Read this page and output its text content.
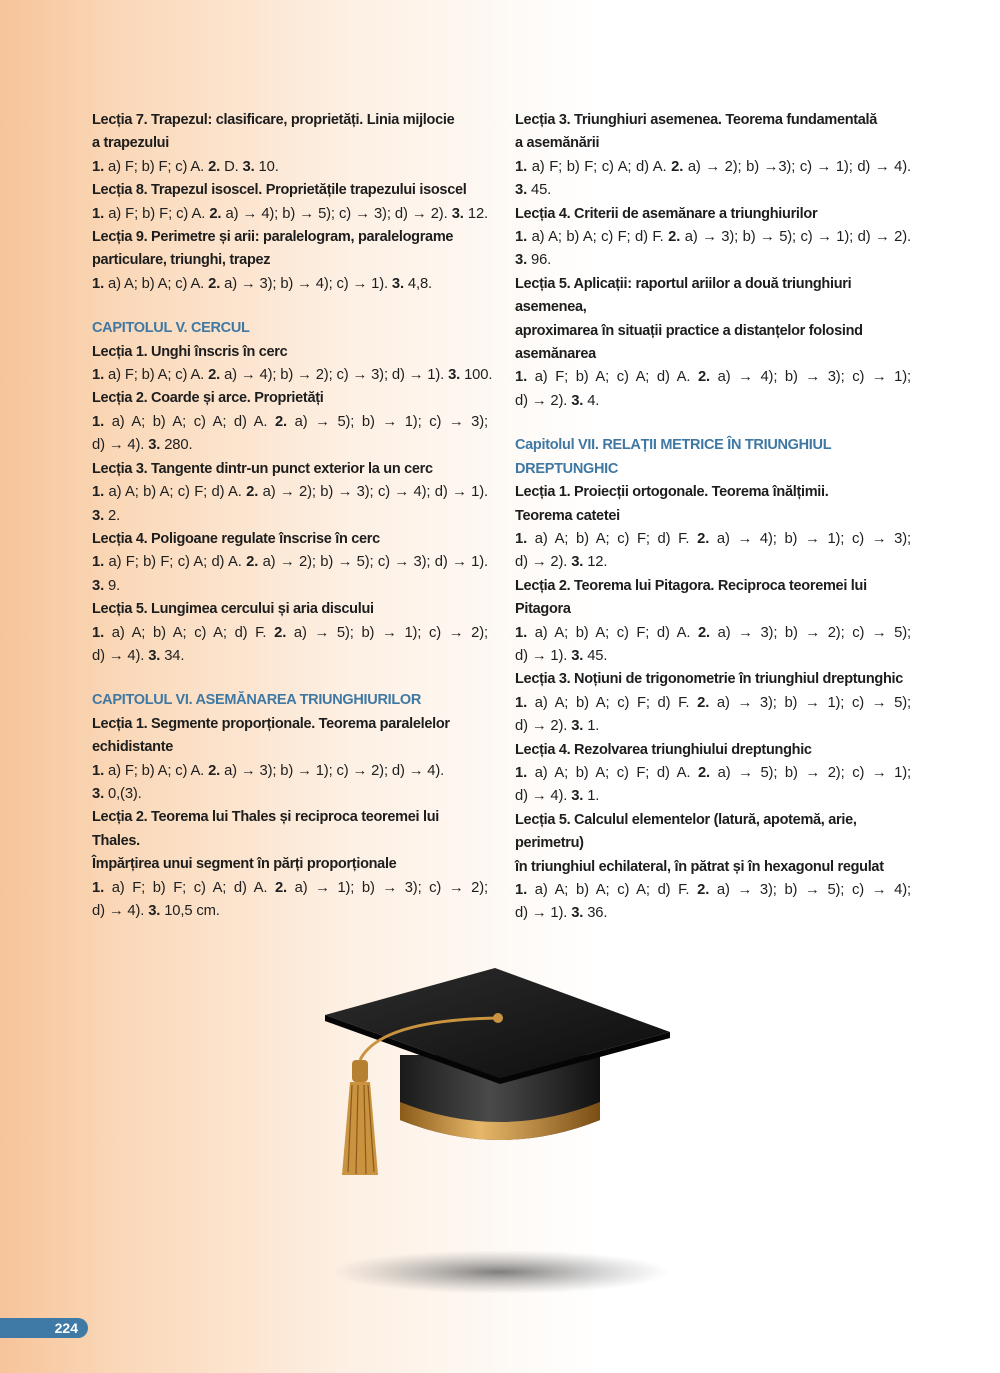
Lecția 7. Trapezul: clasificare, proprietăți. Linia mijlocie
a trapezului
1. a) F; b) F; c) A. 2. D. 3. 10.
Lecția 8. Trapezul isoscel. Proprietățile trapezului isoscel
1. a) F; b) F; c) A. 2. a) → 4); b) → 5); c) → 3); d) → 2). 3. 12.
Lecția 9. Perimetre și arii: paralelogram, paralelograme
particulare, triunghi, trapez
1. a) A; b) A; c) A. 2. a) → 3); b) → 4); c) → 1). 3. 4,8.
CAPITOLUL V. CERCUL
Lecția 1. Unghi înscris în cerc
1. a) F; b) A; c) A. 2. a) → 4); b) → 2); c) → 3); d) → 1). 3. 100.
Lecția 2. Coarde și arce. Proprietăți
1. a) A; b) A; c) A; d) A. 2. a) → 5); b) → 1); c) → 3);
d) → 4). 3. 280.
Lecția 3. Tangente dintr-un punct exterior la un cerc
1. a) A; b) A; c) F; d) A. 2. a) → 2); b) → 3); c) → 4); d) → 1).
3. 2.
Lecția 4. Poligoane regulate înscrise în cerc
1. a) F; b) F; c) A; d) A. 2. a) → 2); b) → 5); c) → 3); d) → 1).
3. 9.
Lecția 5. Lungimea cercului și aria discului
1. a) A; b) A; c) A; d) F. 2. a) → 5); b) → 1); c) → 2);
d) → 4). 3. 34.
CAPITOLUL VI. ASEMĂNAREA TRIUNGHIURILOR
Lecția 1. Segmente proporționale. Teorema paralelelor
echidistante
1. a) F; b) A; c) A. 2. a) → 3); b) → 1); c) → 2); d) → 4).
3. 0,(3).
Lecția 2. Teorema lui Thales și reciproca teoremei lui Thales.
Împărțirea unui segment în părți proporționale
1. a) F; b) F; c) A; d) A. 2. a) → 1); b) → 3); c) → 2);
d) → 4). 3. 10,5 cm.
Lecția 3. Triunghiuri asemenea. Teorema fundamentală
a asemănării
1. a) F; b) F; c) A; d) A. 2. a) → 2); b) →3); c) → 1); d) → 4).
3. 45.
Lecția 4. Criterii de asemănare a triunghiurilor
1. a) A; b) A; c) F; d) F. 2. a) → 3); b) → 5); c) → 1); d) → 2).
3. 96.
Lecția 5. Aplicații: raportul ariilor a două triunghiuri asemenea,
aproximarea în situații practice a distanțelor folosind
asemănarea
1. a) F; b) A; c) A; d) A. 2. a) → 4); b) → 3); c) → 1);
d) → 2). 3. 4.
Capitolul VII. RELAȚII METRICE ÎN TRIUNGHIUL DREPTUNGHIC
Lecția 1. Proiecții ortogonale. Teorema înălțimii.
Teorema catetei
1. a) A; b) A; c) F; d) F. 2. a) → 4); b) → 1); c) → 3);
d) → 2). 3. 12.
Lecția 2. Teorema lui Pitagora. Reciproca teoremei lui Pitagora
1. a) A; b) A; c) F; d) A. 2. a) → 3); b) → 2); c) → 5);
d) → 1). 3. 45.
Lecția 3. Noțiuni de trigonometrie în triunghiul dreptunghic
1. a) A; b) A; c) F; d) F. 2. a) → 3); b) → 1); c) → 5);
d) → 2). 3. 1.
Lecția 4. Rezolvarea triunghiului dreptunghic
1. a) A; b) A; c) F; d) A. 2. a) → 5); b) → 2); c) → 1);
d) → 4). 3. 1.
Lecția 5. Calculul elementelor (latură, apotemă, arie, perimetru)
în triunghiul echilateral, în pătrat și în hexagonul regulat
1. a) A; b) A; c) A; d) F. 2. a) → 3); b) → 5); c) → 4);
d) → 1). 3. 36.
224
